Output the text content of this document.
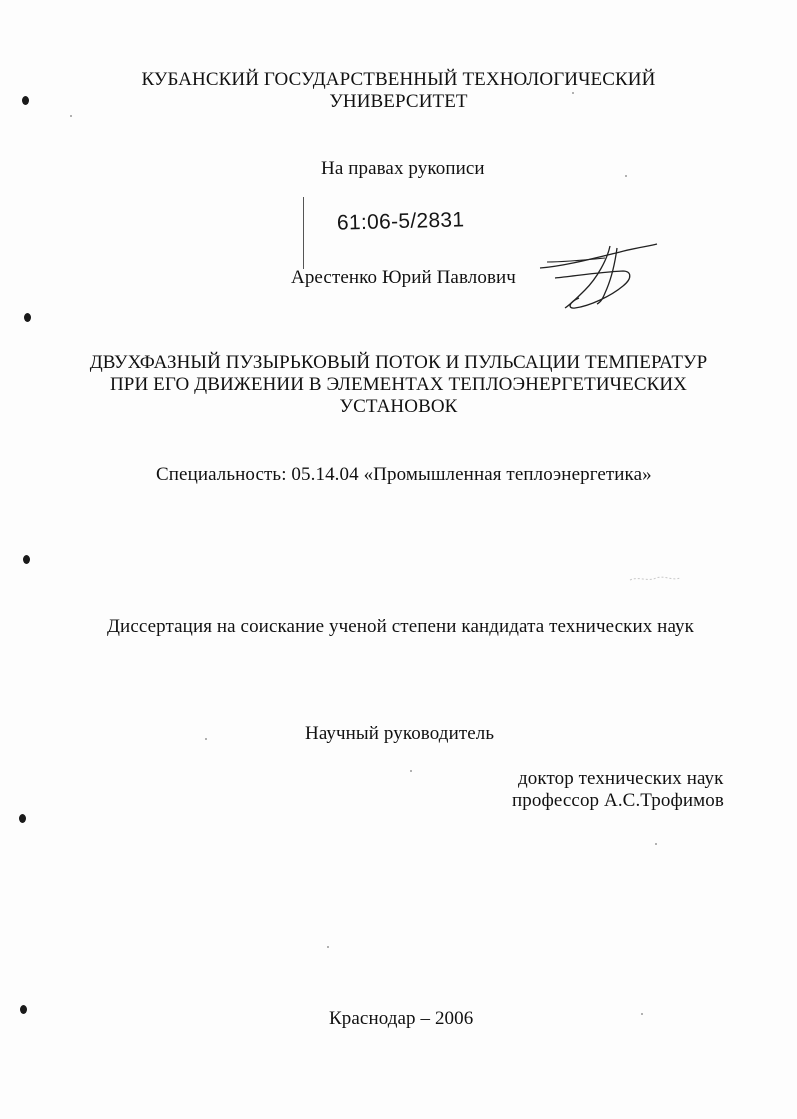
КУБАНСКИЙ ГОСУДАРСТВЕННЫЙ ТЕХНОЛОГИЧЕСКИЙ
УНИВЕРСИТЕТ
На правах рукописи
61:06-5/2831
Арестенко Юрий Павлович
ДВУХФАЗНЫЙ ПУЗЫРЬКОВЫЙ ПОТОК И ПУЛЬСАЦИИ ТЕМПЕРАТУР
ПРИ ЕГО ДВИЖЕНИИ В ЭЛЕМЕНТАХ ТЕПЛОЭНЕРГЕТИЧЕСКИХ
УСТАНОВОК
Специальность: 05.14.04 «Промышленная теплоэнергетика»
Диссертация на соискание ученой степени кандидата технических наук
Научный руководитель
доктор технических наук
профессор А.С.Трофимов
Краснодар – 2006
